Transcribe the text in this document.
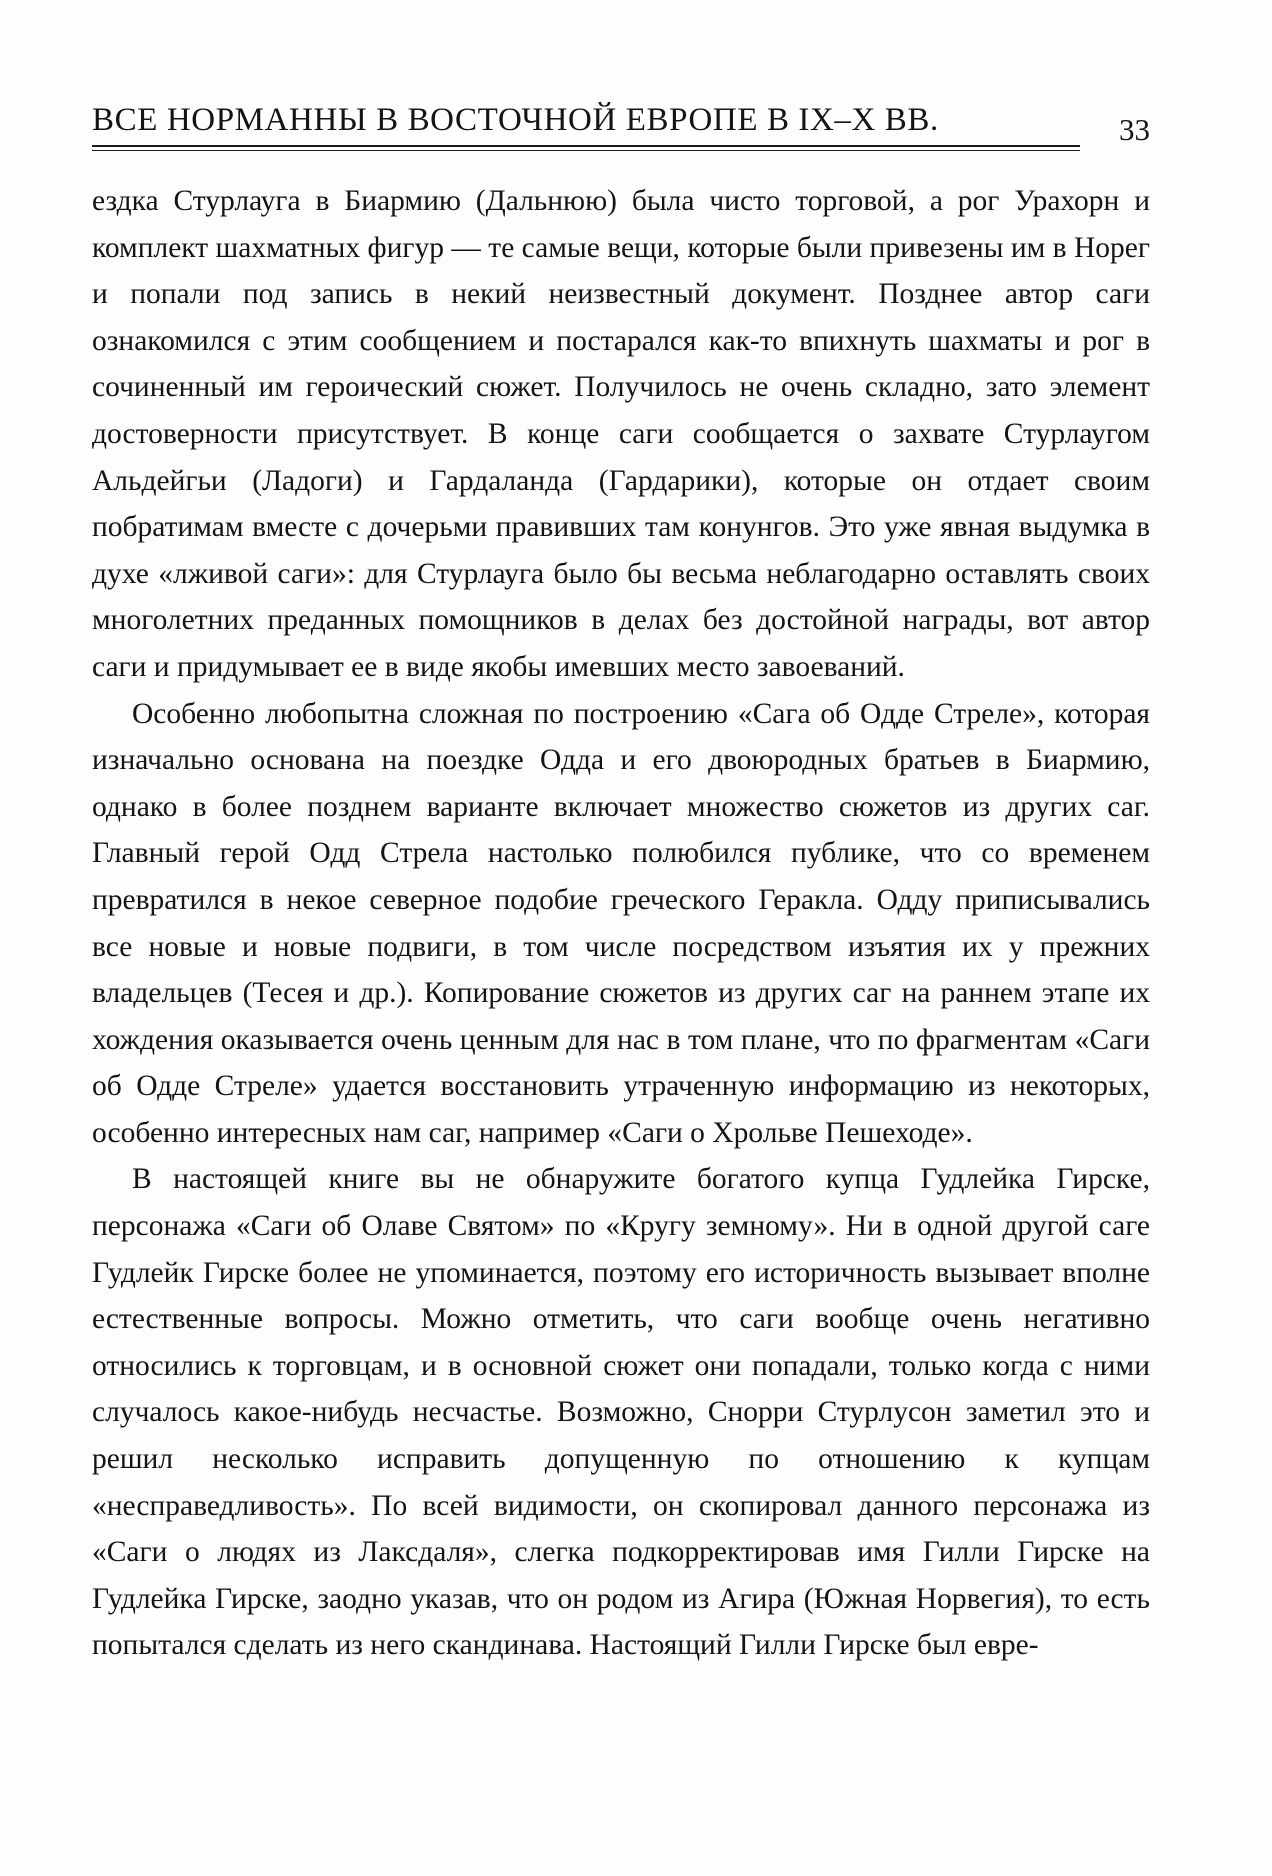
ВСЕ НОРМАННЫ В ВОСТОЧНОЙ ЕВРОПЕ В IX–X ВВ.	33

ездка Стурлауга в Биармию (Дальнюю) была чисто торговой, а рог Урахорн и комплект шахматных фигур — те самые вещи, которые были привезены им в Норег и попали под запись в некий неизвестный документ. Позднее автор саги ознакомился с этим сообщением и постарался как-то впихнуть шахматы и рог в сочиненный им героический сюжет. Получилось не очень складно, зато элемент достоверности присутствует. В конце саги сообщается о захвате Стурлаугом Альдейгьи (Ладоги) и Гардаланда (Гардарики), которые он отдает своим побратимам вместе с дочерьми правивших там конунгов. Это уже явная выдумка в духе «лживой саги»: для Стурлауга было бы весьма неблагодарно оставлять своих многолетних преданных помощников в делах без достойной награды, вот автор саги и придумывает ее в виде якобы имевших место завоеваний.

Особенно любопытна сложная по построению «Сага об Одде Стреле», которая изначально основана на поездке Одда и его двоюродных братьев в Биармию, однако в более позднем варианте включает множество сюжетов из других саг. Главный герой Одд Стрела настолько полюбился публике, что со временем превратился в некое северное подобие греческого Геракла. Одду приписывались все новые и новые подвиги, в том числе посредством изъятия их у прежних владельцев (Тесея и др.). Копирование сюжетов из других саг на раннем этапе их хождения оказывается очень ценным для нас в том плане, что по фрагментам «Саги об Одде Стреле» удается восстановить утраченную информацию из некоторых, особенно интересных нам саг, например «Саги о Хрольве Пешеходе».

В настоящей книге вы не обнаружите богатого купца Гудлейка Гирске, персонажа «Саги об Олаве Святом» по «Кругу земному». Ни в одной другой саге Гудлейк Гирске более не упоминается, поэтому его историчность вызывает вполне естественные вопросы. Можно отметить, что саги вообще очень негативно относились к торговцам, и в основной сюжет они попадали, только когда с ними случалось какое-нибудь несчастье. Возможно, Снорри Стурлусон заметил это и решил несколько исправить допущенную по отношению к купцам «несправедливость». По всей видимости, он скопировал данного персонажа из «Саги о людях из Лаксдаля», слегка подкорректировав имя Гилли Гирске на Гудлейка Гирске, заодно указав, что он родом из Агира (Южная Норвегия), то есть попытался сделать из него скандинава. Настоящий Гилли Гирске был евре-
